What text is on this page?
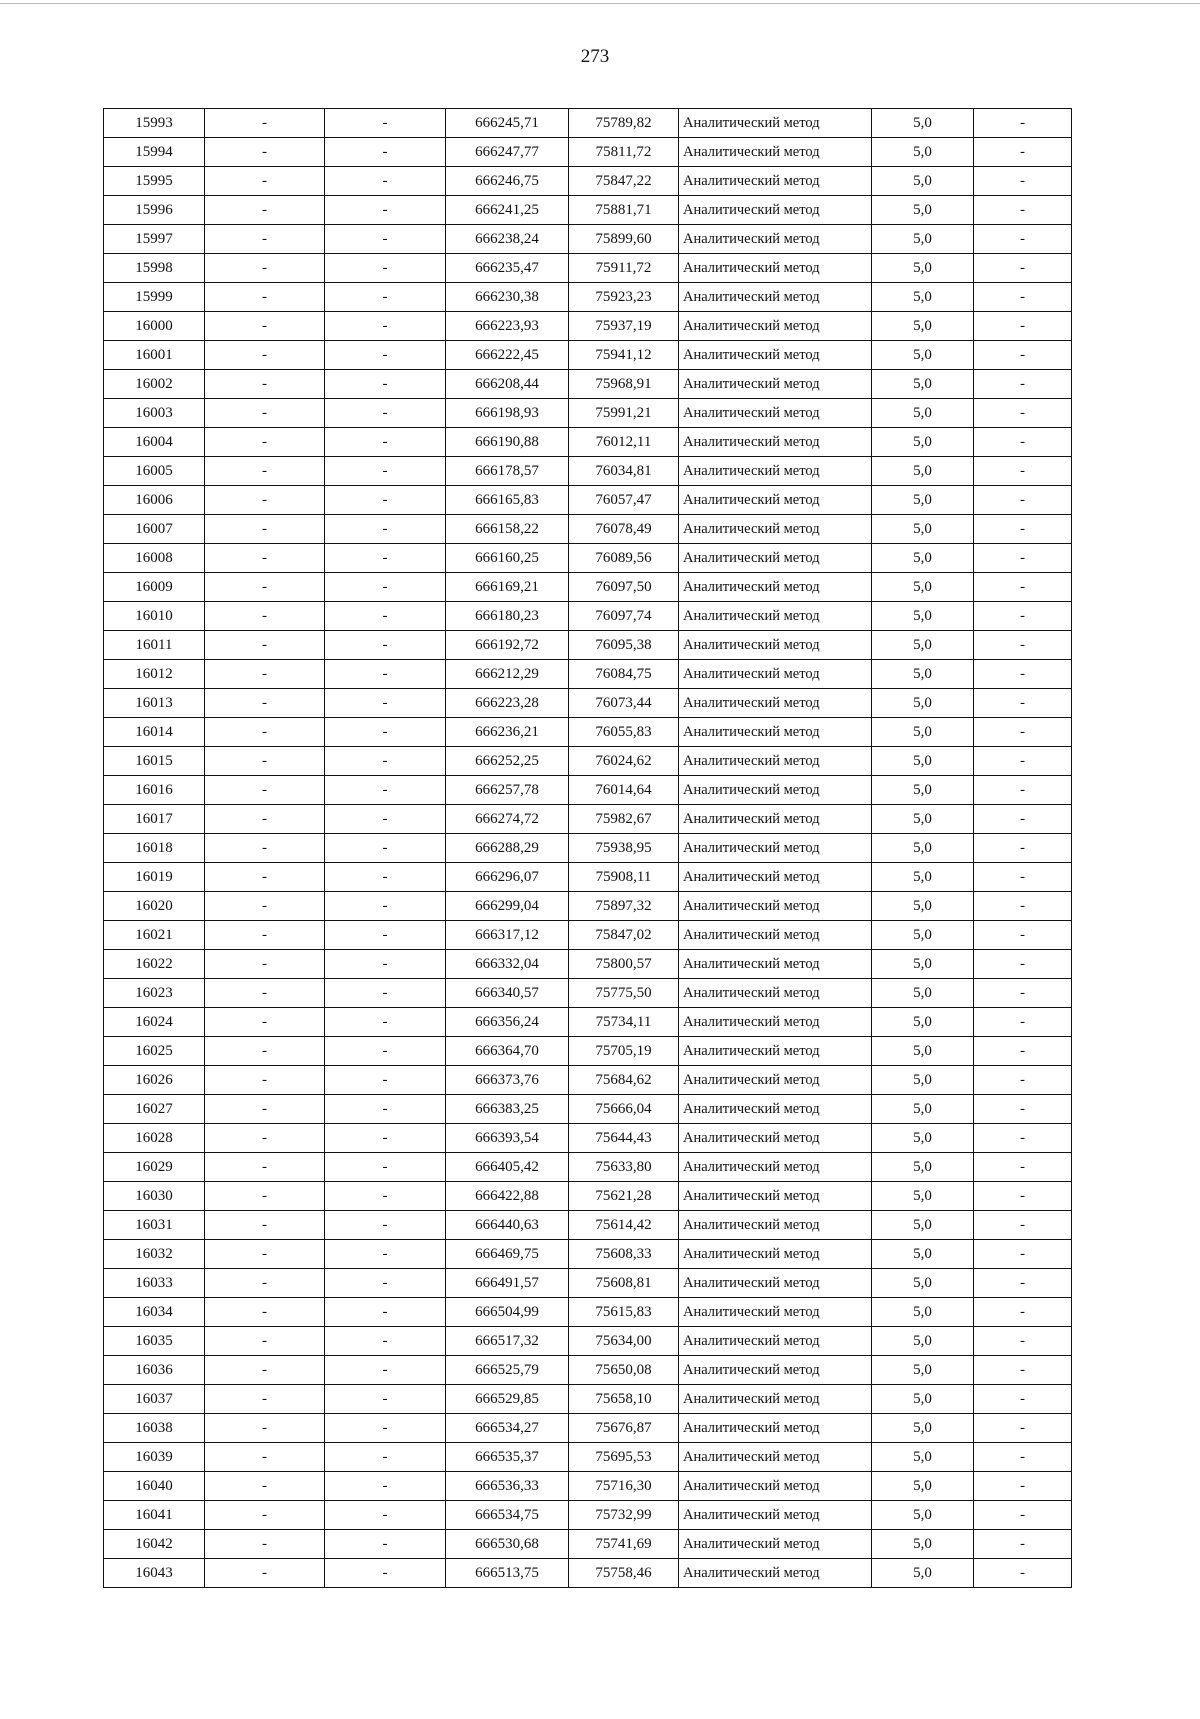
273
15993	-	-	666245,71	75789,82	Аналитический метод	5,0	-
15994	-	-	666247,77	75811,72	Аналитический метод	5,0	-
15995	-	-	666246,75	75847,22	Аналитический метод	5,0	-
15996	-	-	666241,25	75881,71	Аналитический метод	5,0	-
15997	-	-	666238,24	75899,60	Аналитический метод	5,0	-
15998	-	-	666235,47	75911,72	Аналитический метод	5,0	-
15999	-	-	666230,38	75923,23	Аналитический метод	5,0	-
16000	-	-	666223,93	75937,19	Аналитический метод	5,0	-
16001	-	-	666222,45	75941,12	Аналитический метод	5,0	-
16002	-	-	666208,44	75968,91	Аналитический метод	5,0	-
16003	-	-	666198,93	75991,21	Аналитический метод	5,0	-
16004	-	-	666190,88	76012,11	Аналитический метод	5,0	-
16005	-	-	666178,57	76034,81	Аналитический метод	5,0	-
16006	-	-	666165,83	76057,47	Аналитический метод	5,0	-
16007	-	-	666158,22	76078,49	Аналитический метод	5,0	-
16008	-	-	666160,25	76089,56	Аналитический метод	5,0	-
16009	-	-	666169,21	76097,50	Аналитический метод	5,0	-
16010	-	-	666180,23	76097,74	Аналитический метод	5,0	-
16011	-	-	666192,72	76095,38	Аналитический метод	5,0	-
16012	-	-	666212,29	76084,75	Аналитический метод	5,0	-
16013	-	-	666223,28	76073,44	Аналитический метод	5,0	-
16014	-	-	666236,21	76055,83	Аналитический метод	5,0	-
16015	-	-	666252,25	76024,62	Аналитический метод	5,0	-
16016	-	-	666257,78	76014,64	Аналитический метод	5,0	-
16017	-	-	666274,72	75982,67	Аналитический метод	5,0	-
16018	-	-	666288,29	75938,95	Аналитический метод	5,0	-
16019	-	-	666296,07	75908,11	Аналитический метод	5,0	-
16020	-	-	666299,04	75897,32	Аналитический метод	5,0	-
16021	-	-	666317,12	75847,02	Аналитический метод	5,0	-
16022	-	-	666332,04	75800,57	Аналитический метод	5,0	-
16023	-	-	666340,57	75775,50	Аналитический метод	5,0	-
16024	-	-	666356,24	75734,11	Аналитический метод	5,0	-
16025	-	-	666364,70	75705,19	Аналитический метод	5,0	-
16026	-	-	666373,76	75684,62	Аналитический метод	5,0	-
16027	-	-	666383,25	75666,04	Аналитический метод	5,0	-
16028	-	-	666393,54	75644,43	Аналитический метод	5,0	-
16029	-	-	666405,42	75633,80	Аналитический метод	5,0	-
16030	-	-	666422,88	75621,28	Аналитический метод	5,0	-
16031	-	-	666440,63	75614,42	Аналитический метод	5,0	-
16032	-	-	666469,75	75608,33	Аналитический метод	5,0	-
16033	-	-	666491,57	75608,81	Аналитический метод	5,0	-
16034	-	-	666504,99	75615,83	Аналитический метод	5,0	-
16035	-	-	666517,32	75634,00	Аналитический метод	5,0	-
16036	-	-	666525,79	75650,08	Аналитический метод	5,0	-
16037	-	-	666529,85	75658,10	Аналитический метод	5,0	-
16038	-	-	666534,27	75676,87	Аналитический метод	5,0	-
16039	-	-	666535,37	75695,53	Аналитический метод	5,0	-
16040	-	-	666536,33	75716,30	Аналитический метод	5,0	-
16041	-	-	666534,75	75732,99	Аналитический метод	5,0	-
16042	-	-	666530,68	75741,69	Аналитический метод	5,0	-
16043	-	-	666513,75	75758,46	Аналитический метод	5,0	-
